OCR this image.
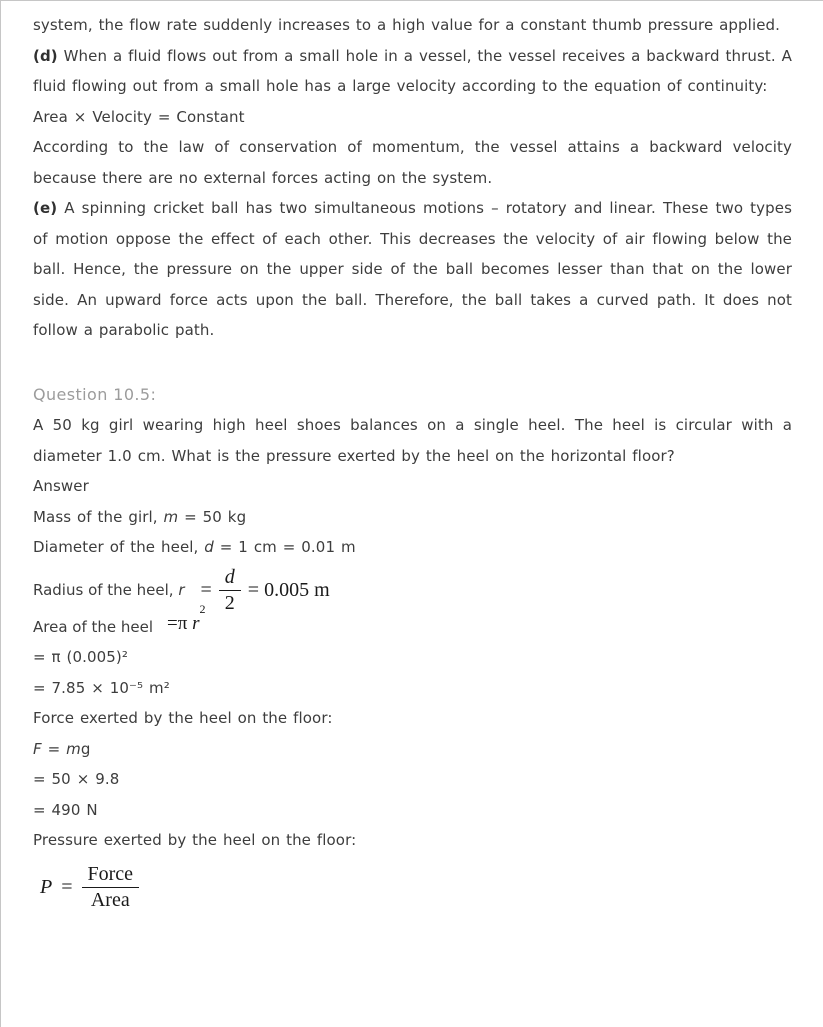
system, the flow rate suddenly increases to a high value for a constant thumb pressure applied.

(d) When a fluid flows out from a small hole in a vessel, the vessel receives a backward thrust. A fluid flowing out from a small hole has a large velocity according to the equation of continuity:

Area × Velocity = Constant

According to the law of conservation of momentum, the vessel attains a backward velocity because there are no external forces acting on the system.

(e) A spinning cricket ball has two simultaneous motions – rotatory and linear. These two types of motion oppose the effect of each other. This decreases the velocity of air flowing below the ball. Hence, the pressure on the upper side of the ball becomes lesser than that on the lower side. An upward force acts upon the ball. Therefore, the ball takes a curved path. It does not follow a parabolic path.

Question 10.5:

A 50 kg girl wearing high heel shoes balances on a single heel. The heel is circular with a diameter 1.0 cm. What is the pressure exerted by the heel on the horizontal floor?

Answer

Mass of the girl, m = 50 kg

Diameter of the heel, d = 1 cm = 0.01 m

Radius of the heel, $r = \frac{d}{2} = 0.005$ m
Area of the heel =π $r^2$

= π (0.005)²

= 7.85 × 10⁻⁵ m²

Force exerted by the heel on the floor:

F = mg

= 50 × 9.8

= 490 N

Pressure exerted by the heel on the floor:

$P = \frac{\text{Force}}{\text{Area}}$
